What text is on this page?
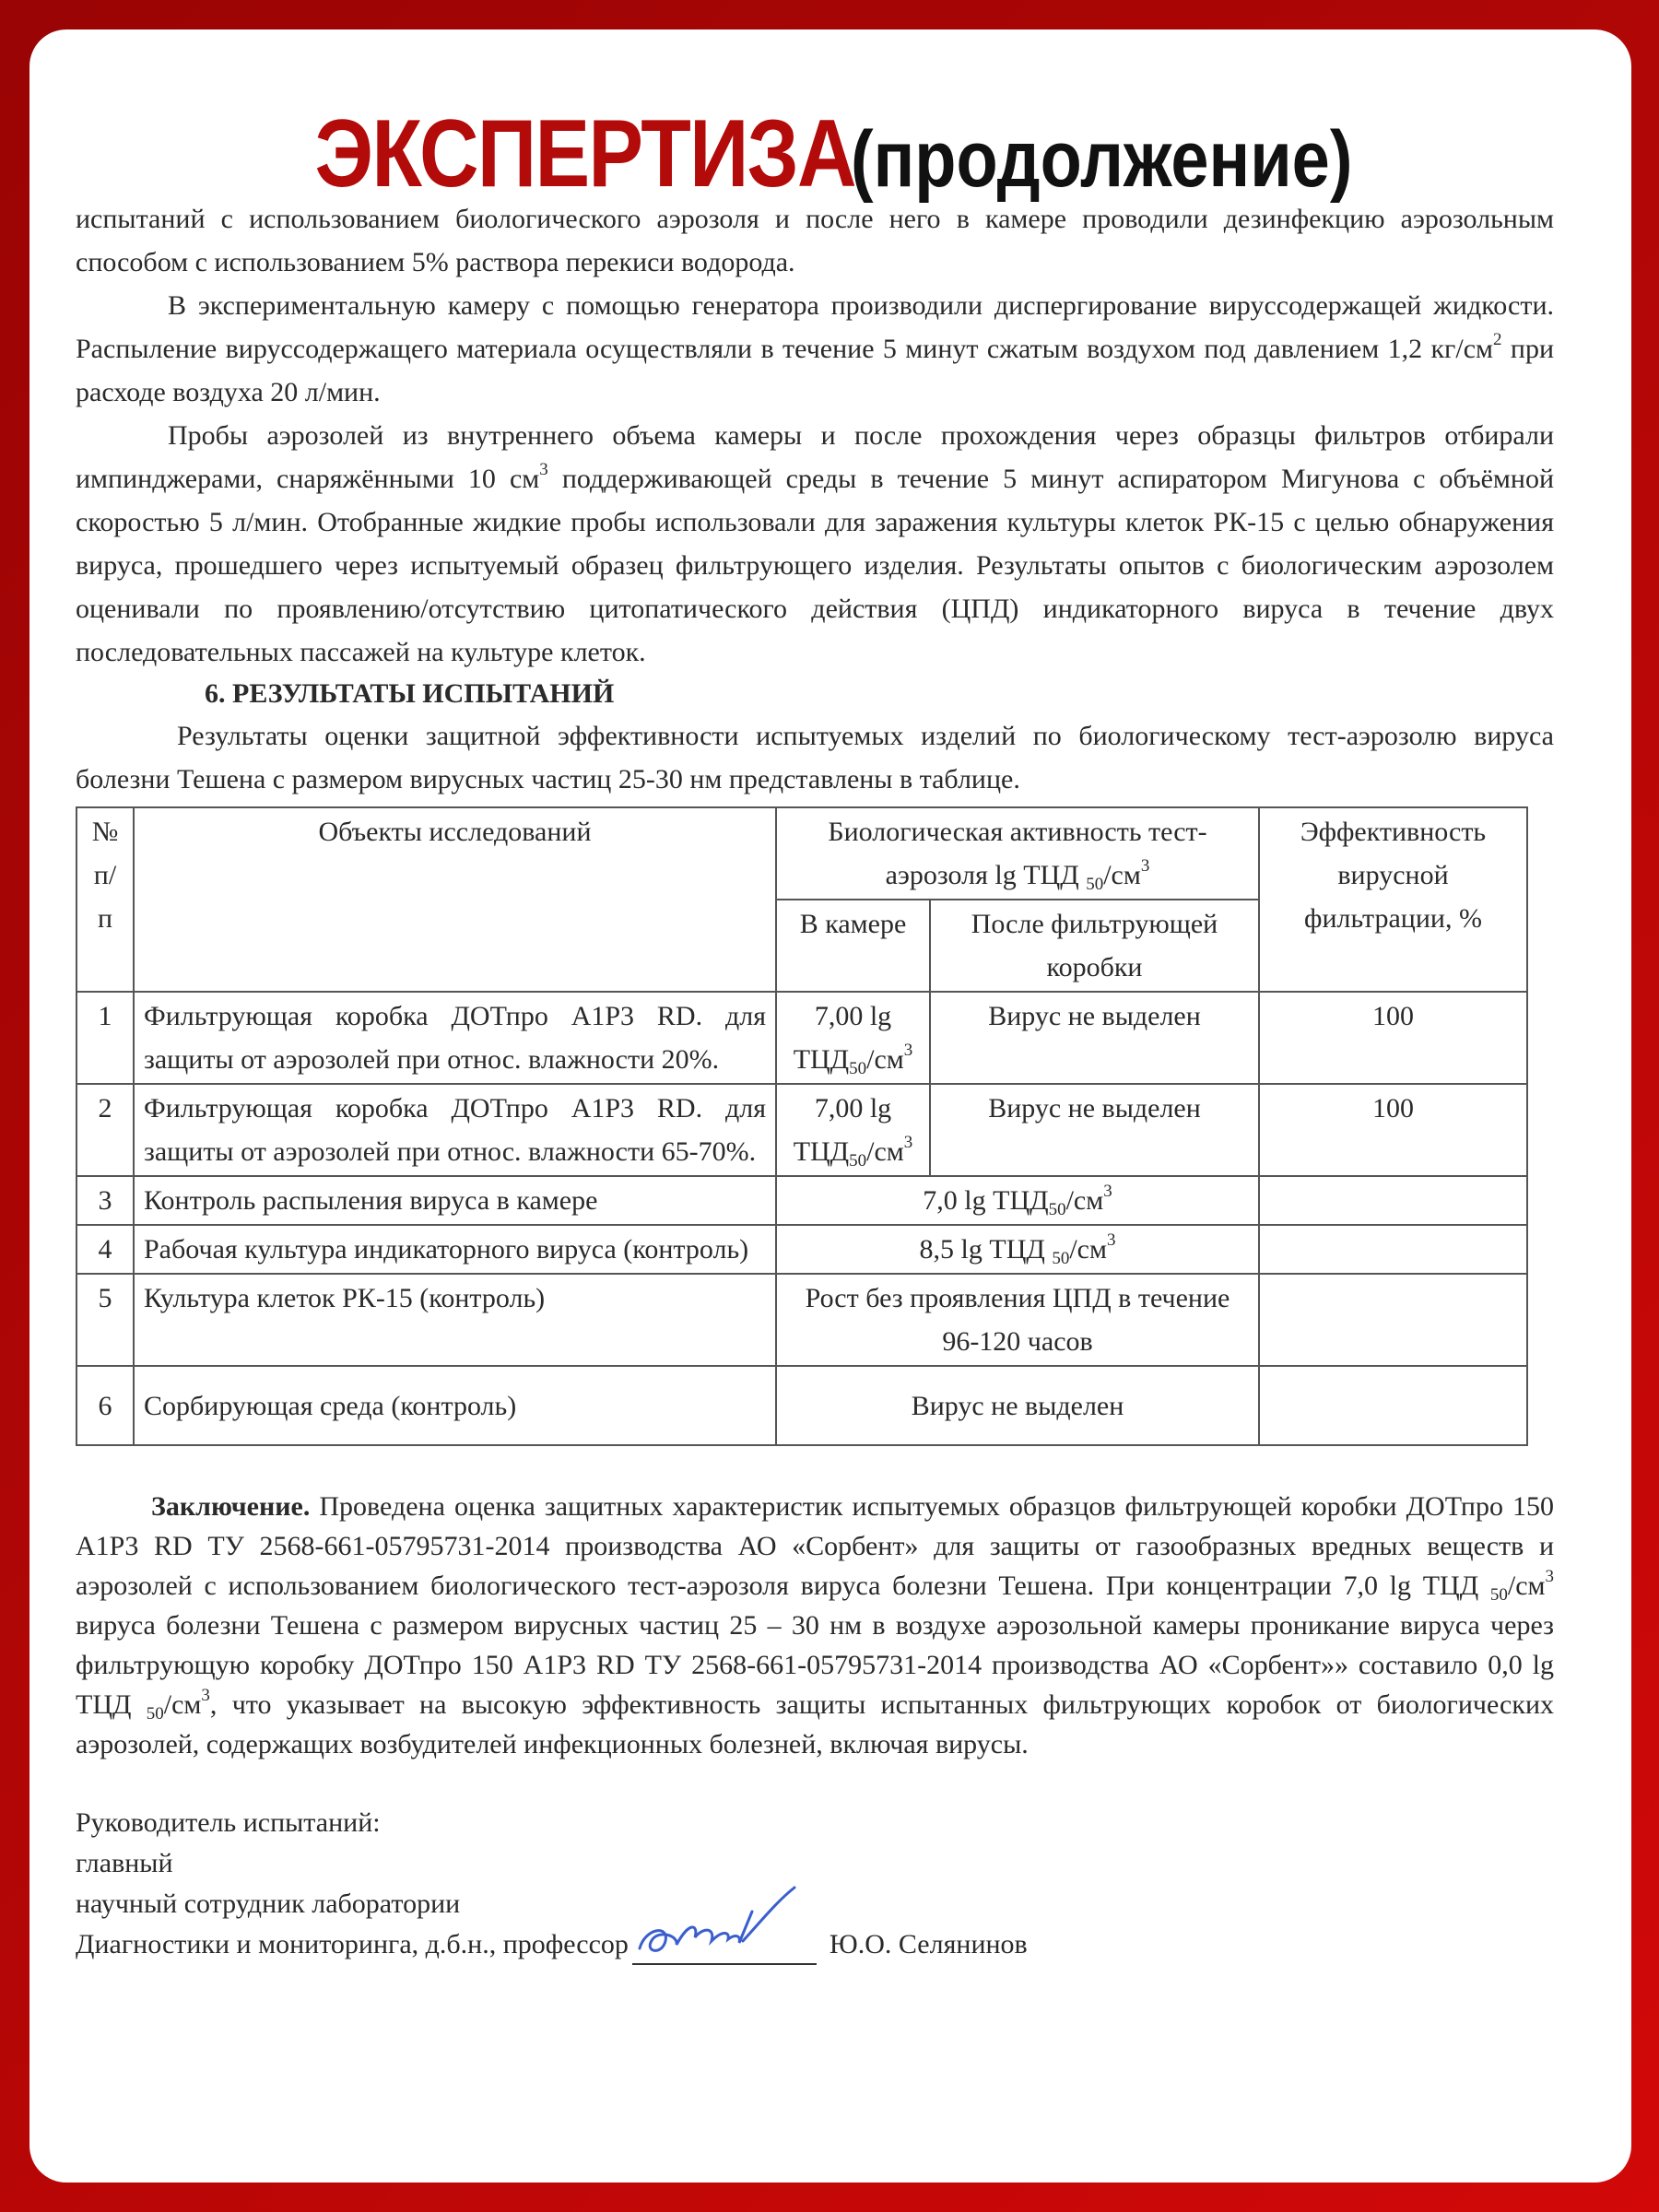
ЭКСПЕРТИЗА (продолжение)

испытаний с использованием биологического аэрозоля и после него в камере проводили дезинфекцию аэрозольным способом с использованием 5% раствора перекиси водорода.

В экспериментальную камеру с помощью генератора производили диспергирование вируссодержащей жидкости. Распыление вируссодержащего материала осуществляли в течение 5 минут сжатым воздухом под давлением 1,2 $кг/см^2$ при расходе воздуха 20 л/мин.

Пробы аэрозолей из внутреннего объема камеры и после прохождения через образцы фильтров отбирали импинджерами, снаряжёнными 10 $см^3$ поддерживающей среды в течение 5 минут аспиратором Мигунова с объёмной скоростью 5 л/мин. Отобранные жидкие пробы использовали для заражения культуры клеток РК-15 с целью обнаружения вируса, прошедшего через испытуемый образец фильтрующего изделия. Результаты опытов с биологическим аэрозолем оценивали по проявлению/отсутствию цитопатического действия (ЦПД) индикаторного вируса в течение двух последовательных пассажей на культуре клеток.

6. РЕЗУЛЬТАТЫ ИСПЫТАНИЙ

Результаты оценки защитной эффективности испытуемых изделий по биологическому тест-аэрозолю вируса болезни Тешена с размером вирусных частиц 25-30 нм представлены в таблице.

№ п/п	Объекты исследований	Биологическая активность тест-аэрозоля lg ТЦД $_{50}/см^3$		Эффективность вирусной фильтрации, %
		В камере	После фильтрующей коробки	
1	Фильтрующая коробка ДОТпро А1Р3 RD. для защиты от аэрозолей при относ. влажности 20%.	7,00 $\lg ТЦД_{50}/см^3$	Вирус не выделен	100
2	Фильтрующая коробка ДОТпро А1Р3 RD. для защиты от аэрозолей при относ. влажности 65-70%.	7,00 $\lg ТЦД_{50}/см^3$	Вирус не выделен	100
3	Контроль распыления вируса в камере	7,0 $\lg ТЦД_{50}/см^3$	
4	Рабочая культура индикаторного вируса (контроль)	8,5 lg ТЦД $_{50}/см^3$	
5	Культура клеток РК-15 (контроль)	Рост без проявления ЦПД в течение 96-120 часов		
6	Сорбирующая среда (контроль)	Вирус не выделен		

Заключение. Проведена оценка защитных характеристик испытуемых образцов фильтрующей коробки ДОТпро 150 А1Р3 RD ТУ 2568-661-05795731-2014 производства АО «Сорбент» для защиты от газообразных вредных веществ и аэрозолей с использованием биологического тест-аэрозоля вируса болезни Тешена. При концентрации 7,0 lg ТЦД $_{50}/см^3$ вируса болезни Тешена с размером вирусных частиц 25 – 30 нм в воздухе аэрозольной камеры проникание вируса через фильтрующую коробку ДОТпро 150 А1Р3 RD ТУ 2568-661-05795731-2014 производства АО «Сорбент»» составило 0,0 lg ТЦД $_{50}/см^3$, что указывает на высокую эффективность защиты испытанных фильтрующих коробок от биологических аэрозолей, содержащих возбудителей инфекционных болезней, включая вирусы.

Руководитель испытаний:
главный
научный сотрудник лаборатории
Диагностики и мониторинга, д.б.н., профессор	Ю.О. Селянинов
